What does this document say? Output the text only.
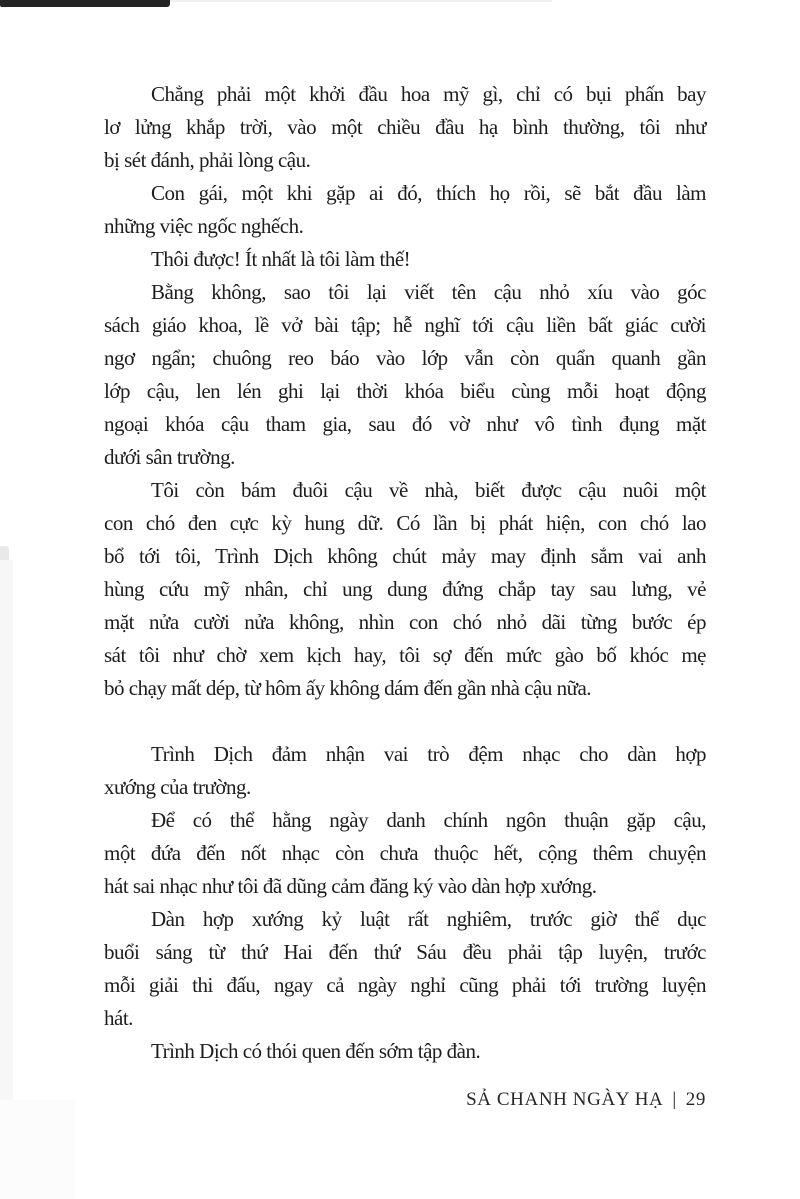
Chẳng phải một khởi đầu hoa mỹ gì, chỉ có bụi phấn bay
lơ lửng khắp trời, vào một chiều đầu hạ bình thường, tôi như
bị sét đánh, phải lòng cậu.
Con gái, một khi gặp ai đó, thích họ rồi, sẽ bắt đầu làm
những việc ngốc nghếch.
Thôi được! Ít nhất là tôi làm thế!
Bằng không, sao tôi lại viết tên cậu nhỏ xíu vào góc
sách giáo khoa, lề vở bài tập; hễ nghĩ tới cậu liền bất giác cười
ngơ ngẩn; chuông reo báo vào lớp vẫn còn quẩn quanh gần
lớp cậu, len lén ghi lại thời khóa biểu cùng mỗi hoạt động
ngoại khóa cậu tham gia, sau đó vờ như vô tình đụng mặt
dưới sân trường.
Tôi còn bám đuôi cậu về nhà, biết được cậu nuôi một
con chó đen cực kỳ hung dữ. Có lần bị phát hiện, con chó lao
bổ tới tôi, Trình Dịch không chút mảy may định sắm vai anh
hùng cứu mỹ nhân, chỉ ung dung đứng chắp tay sau lưng, vẻ
mặt nửa cười nửa không, nhìn con chó nhỏ dãi từng bước ép
sát tôi như chờ xem kịch hay, tôi sợ đến mức gào bố khóc mẹ
bỏ chạy mất dép, từ hôm ấy không dám đến gần nhà cậu nữa.
Trình Dịch đảm nhận vai trò đệm nhạc cho dàn hợp
xướng của trường.
Để có thể hằng ngày danh chính ngôn thuận gặp cậu,
một đứa đến nốt nhạc còn chưa thuộc hết, cộng thêm chuyện
hát sai nhạc như tôi đã dũng cảm đăng ký vào dàn hợp xướng.
Dàn hợp xướng kỷ luật rất nghiêm, trước giờ thể dục
buổi sáng từ thứ Hai đến thứ Sáu đều phải tập luyện, trước
mỗi giải thi đấu, ngay cả ngày nghỉ cũng phải tới trường luyện
hát.
Trình Dịch có thói quen đến sớm tập đàn.
SẢ CHANH NGÀY HẠ | 29
